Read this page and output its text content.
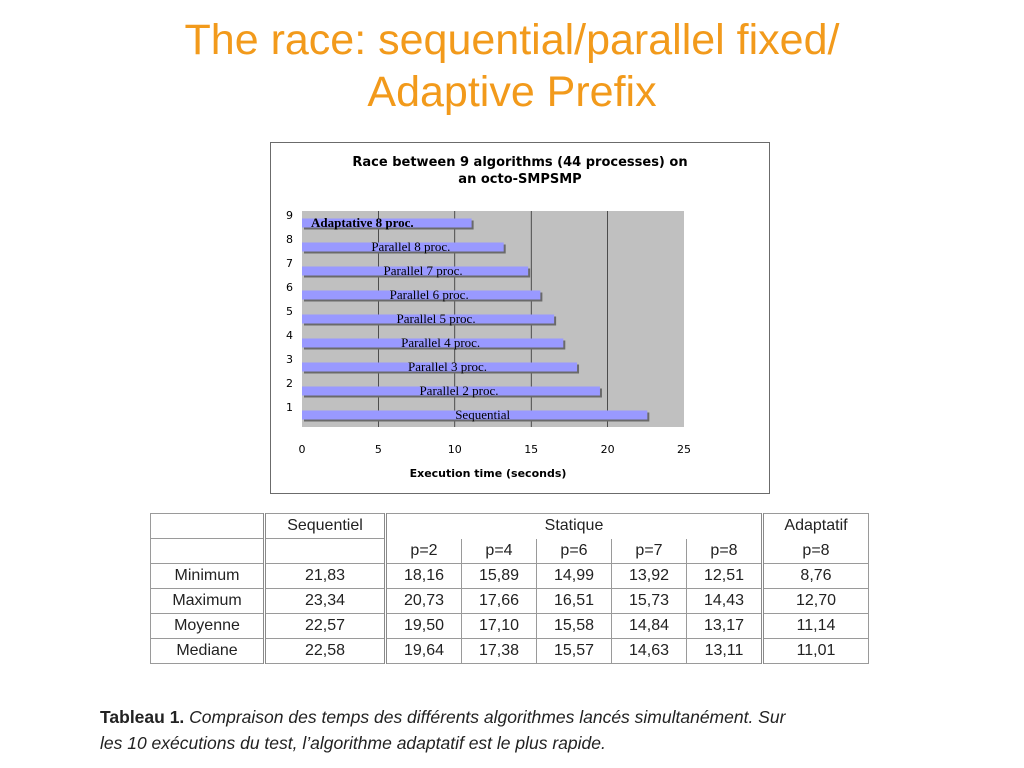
The race: sequential/parallel fixed/
Adaptive Prefix
Race between 9 algorithms (44 processes) on
an octo-SMPSMP
0	5	10	15	20	25
1	Sequential
2	Parallel 2 proc.
3	Parallel 3 proc.
4	Parallel 4 proc.
5	Parallel 5 proc.
6	Parallel 6 proc.
7	Parallel 7 proc.
8	Parallel 8 proc.
9 Adaptative 8 proc.
Execution time (seconds)
	Sequentiel	Statique					Adaptatif
		p=2	p=4	p=6	p=7	p=8	p=8
Minimum	21,83	18,16	15,89	14,99	13,92	12,51	8,76
Maximum	23,34	20,73	17,66	16,51	15,73	14,43	12,70
Moyenne	22,57	19,50	17,10	15,58	14,84	13,17	11,14
Mediane	22,58	19,64	17,38	15,57	14,63	13,11	11,01
Tableau 1. Compraison des temps des différents algorithmes lancés simultanément. Sur
les 10 exécutions du test, l’algorithme adaptatif est le plus rapide.
